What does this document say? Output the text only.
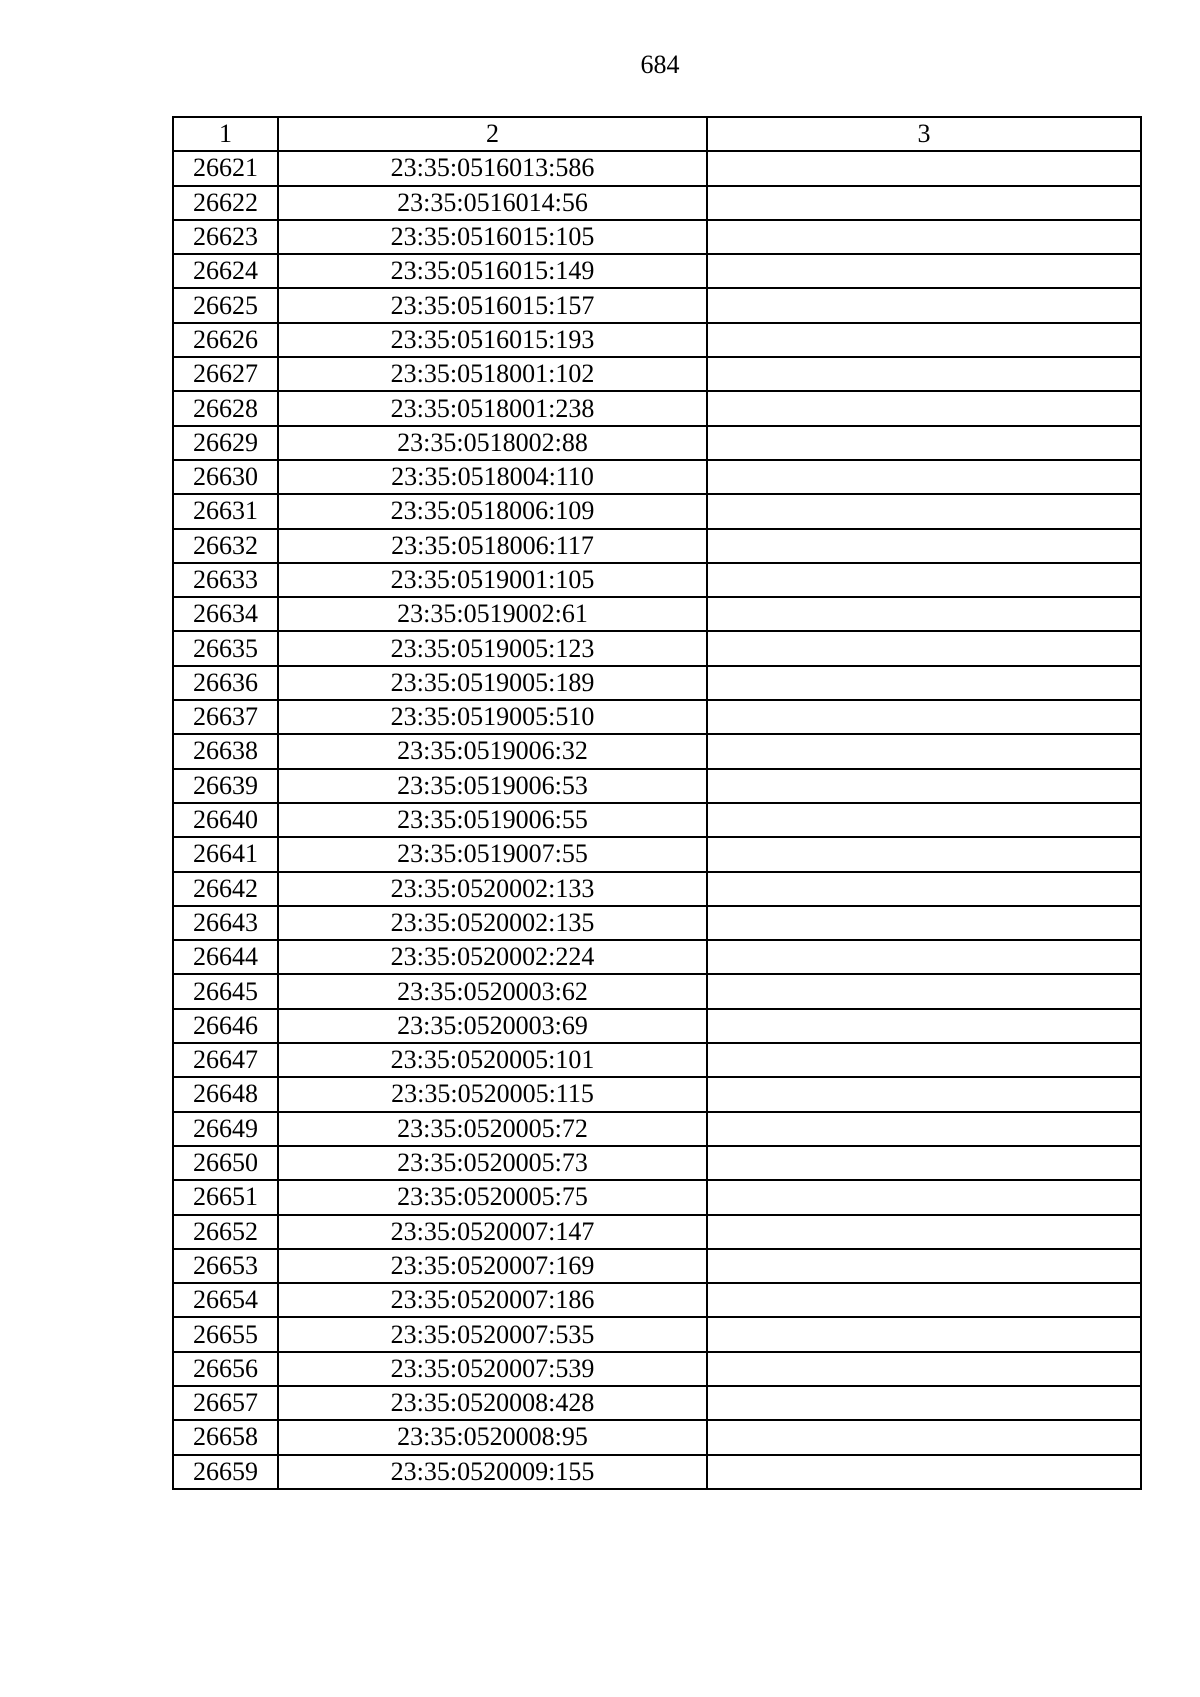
684
1	2	3
26621	23:35:0516013:586	
26622	23:35:0516014:56	
26623	23:35:0516015:105	
26624	23:35:0516015:149	
26625	23:35:0516015:157	
26626	23:35:0516015:193	
26627	23:35:0518001:102	
26628	23:35:0518001:238	
26629	23:35:0518002:88	
26630	23:35:0518004:110	
26631	23:35:0518006:109	
26632	23:35:0518006:117	
26633	23:35:0519001:105	
26634	23:35:0519002:61	
26635	23:35:0519005:123	
26636	23:35:0519005:189	
26637	23:35:0519005:510	
26638	23:35:0519006:32	
26639	23:35:0519006:53	
26640	23:35:0519006:55	
26641	23:35:0519007:55	
26642	23:35:0520002:133	
26643	23:35:0520002:135	
26644	23:35:0520002:224	
26645	23:35:0520003:62	
26646	23:35:0520003:69	
26647	23:35:0520005:101	
26648	23:35:0520005:115	
26649	23:35:0520005:72	
26650	23:35:0520005:73	
26651	23:35:0520005:75	
26652	23:35:0520007:147	
26653	23:35:0520007:169	
26654	23:35:0520007:186	
26655	23:35:0520007:535	
26656	23:35:0520007:539	
26657	23:35:0520008:428	
26658	23:35:0520008:95	
26659	23:35:0520009:155	
